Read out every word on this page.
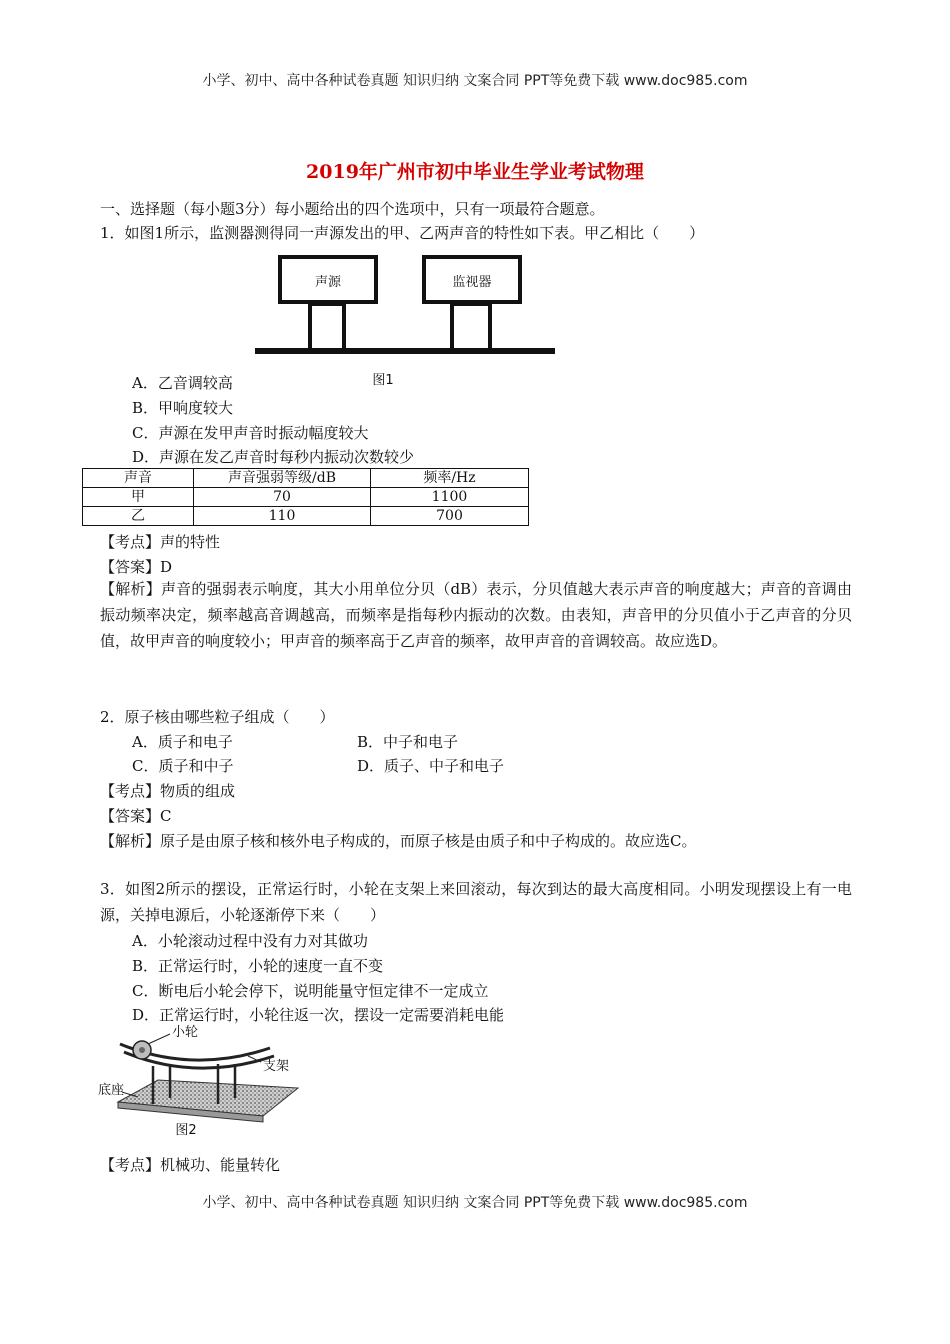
小学、初中、高中各种试卷真题 知识归纳 文案合同 PPT等免费下载 www.doc985.com
小学、初中、高中各种试卷真题 知识归纳 文案合同 PPT等免费下载 www.doc985.com
2019年广州市初中毕业生学业考试物理
一、选择题（每小题3分）每小题给出的四个选项中，只有一项最符合题意。
1．如图1所示，监测器测得同一声源发出的甲、乙两声音的特性如下表。甲乙相比（　　）
声源	监视器
图1
A．乙音调较高
B．甲响度较大
C．声源在发甲声音时振动幅度较大
D．声源在发乙声音时每秒内振动次数较少
声音	声音强弱等级/dB	频率/Hz
甲	70	1100
乙	110	700
【考点】声的特性
【答案】D
【解析】声音的强弱表示响度，其大小用单位分贝（dB）表示，分贝值越大表示声音的响度越大；声音的音调由振动频率决定，频率越高音调越高，而频率是指每秒内振动的次数。由表知，声音甲的分贝值小于乙声音的分贝值，故甲声音的响度较小；甲声音的频率高于乙声音的频率，故甲声音的音调较高。故应选D。
2．原子核由哪些粒子组成（　　）
A．质子和电子	B．中子和电子
C．质子和中子	D．质子、中子和电子
【考点】物质的组成
【答案】C
【解析】原子是由原子核和核外电子构成的，而原子核是由质子和中子构成的。故应选C。
3．如图2所示的摆设，正常运行时，小轮在支架上来回滚动，每次到达的最大高度相同。小明发现摆设上有一电源，关掉电源后，小轮逐渐停下来（　　）
A．小轮滚动过程中没有力对其做功
B．正常运行时，小轮的速度一直不变
C．断电后小轮会停下，说明能量守恒定律不一定成立
D．正常运行时，小轮往返一次，摆设一定需要消耗电能
小轮
底座
支架
图2
【考点】机械功、能量转化
